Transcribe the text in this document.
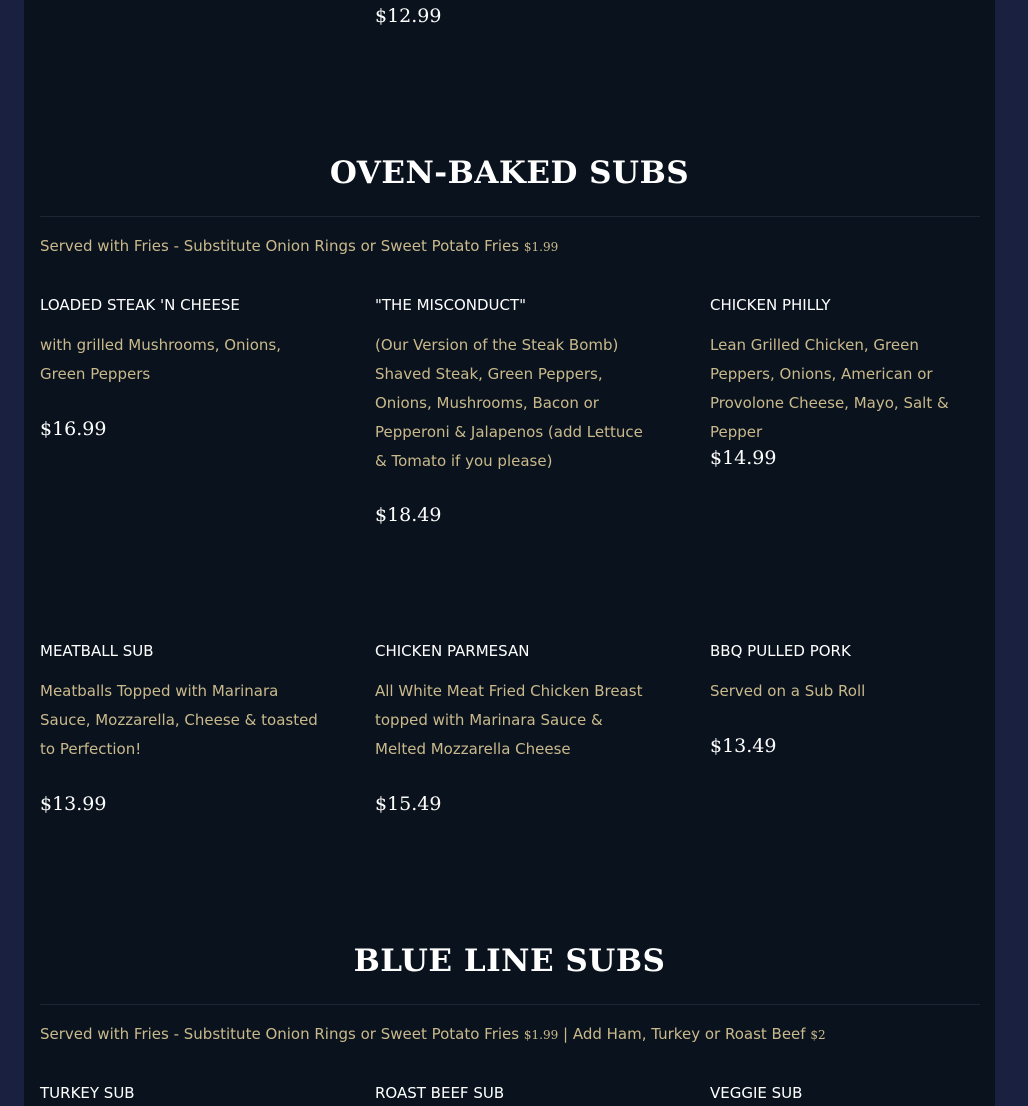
$12.99
OVEN-BAKED SUBS
Served with Fries - Substitute Onion Rings or Sweet Potato Fries $1.99
LOADED STEAK 'N CHEESE
with grilled Mushrooms, Onions, Green Peppers
$16.99
"THE MISCONDUCT"
(Our Version of the Steak Bomb) Shaved Steak, Green Peppers, Onions, Mushrooms, Bacon or Pepperoni & Jalapenos (add Lettuce & Tomato if you please)
$18.49
CHICKEN PHILLY
Lean Grilled Chicken, Green Peppers, Onions, American or Provolone Cheese, Mayo, Salt & Pepper
$14.99
MEATBALL SUB
Meatballs Topped with Marinara Sauce, Mozzarella, Cheese & toasted to Perfection!
$13.99
CHICKEN PARMESAN
All White Meat Fried Chicken Breast topped with Marinara Sauce & Melted Mozzarella Cheese
$15.49
BBQ PULLED PORK
Served on a Sub Roll
$13.49
BLUE LINE SUBS
Served with Fries - Substitute Onion Rings or Sweet Potato Fries $1.99 | Add Ham, Turkey or Roast Beef $2
TURKEY SUB	ROAST BEEF SUB	VEGGIE SUB
